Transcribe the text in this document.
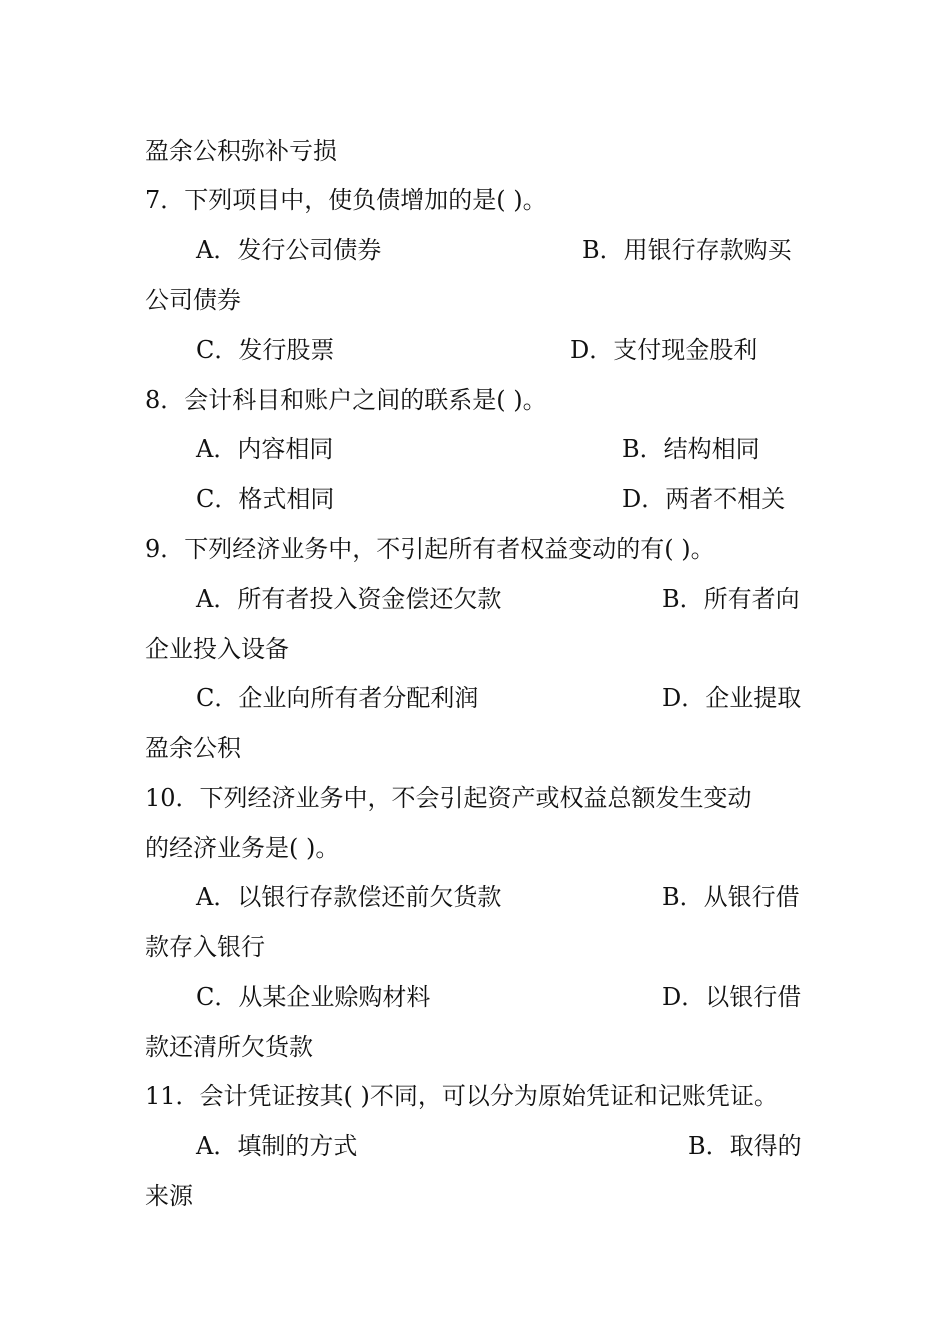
盈余公积弥补亏损
7．下列项目中，使负债增加的是( )。
A．发行公司债券	B．用银行存款购买
公司债券
C．发行股票	D．支付现金股利
8．会计科目和账户之间的联系是( )。
A．内容相同	B．结构相同
C．格式相同	D．两者不相关
9．下列经济业务中，不引起所有者权益变动的有( )。
A．所有者投入资金偿还欠款	B．所有者向
企业投入设备
C．企业向所有者分配利润	D．企业提取
盈余公积
10．下列经济业务中，不会引起资产或权益总额发生变动
的经济业务是( )。
A．以银行存款偿还前欠货款	B．从银行借
款存入银行
C．从某企业赊购材料	D．以银行借
款还清所欠货款
11．会计凭证按其( )不同，可以分为原始凭证和记账凭证。
A．填制的方式	B．取得的
来源
